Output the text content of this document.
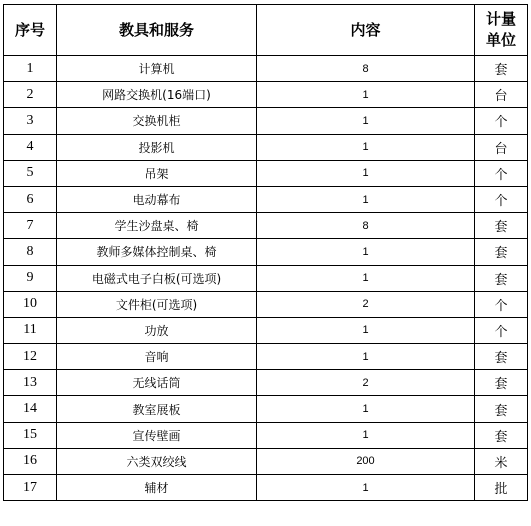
序号	教具和服务	内容	计量
单位

1	计算机	8	套
2	网路交换机(16端口)	1	台
3	交换机柜	1	个
4	投影机	1	台
5	吊架	1	个
6	电动幕布	1	个
7	学生沙盘桌、椅	8	套
8	教师多媒体控制桌、椅	1	套
9	电磁式电子白板(可选项)	1	套
10	文件柜(可选项)	2	个
11	功放	1	个
12	音响	1	套
13	无线话筒	2	套
14	教室展板	1	套
15	宣传壁画	1	套
16	六类双绞线	200	米
17	辅材	1	批
